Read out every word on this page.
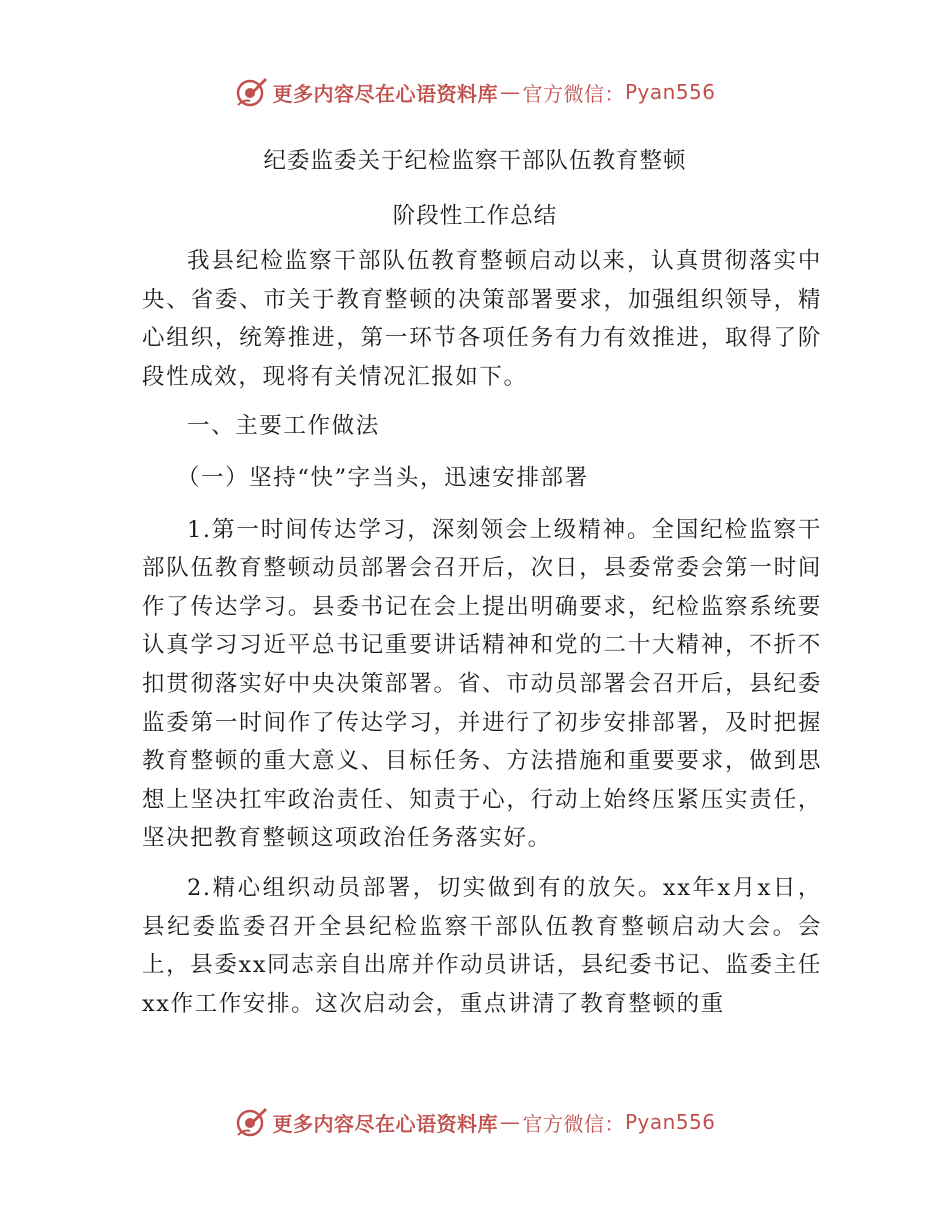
更多内容尽在心语资料库 — 官方微信： Pyan556
纪委监委关于纪检监察干部队伍教育整顿
阶段性工作总结

我县纪检监察干部队伍教育整顿启动以来，认真贯彻落实中央、省委、市关于教育整顿的决策部署要求，加强组织领导，精心组织，统筹推进，第一环节各项任务有力有效推进，取得了阶段性成效，现将有关情况汇报如下。

一、主要工作做法

（一）坚持“快”字当头，迅速安排部署

1.第一时间传达学习，深刻领会上级精神。全国纪检监察干部队伍教育整顿动员部署会召开后，次日，县委常委会第一时间作了传达学习。县委书记在会上提出明确要求，纪检监察系统要认真学习习近平总书记重要讲话精神和党的二十大精神，不折不扣贯彻落实好中央决策部署。省、市动员部署会召开后，县纪委监委第一时间作了传达学习，并进行了初步安排部署，及时把握教育整顿的重大意义、目标任务、方法措施和重要要求，做到思想上坚决扛牢政治责任、知责于心，行动上始终压紧压实责任，坚决把教育整顿这项政治任务落实好。

2.精心组织动员部署，切实做到有的放矢。xx年x月x日，县纪委监委召开全县纪检监察干部队伍教育整顿启动大会。会上，县委xx同志亲自出席并作动员讲话，县纪委书记、监委主任xx作工作安排。这次启动会，重点讲清了教育整顿的重

更多内容尽在心语资料库 — 官方微信： Pyan556
